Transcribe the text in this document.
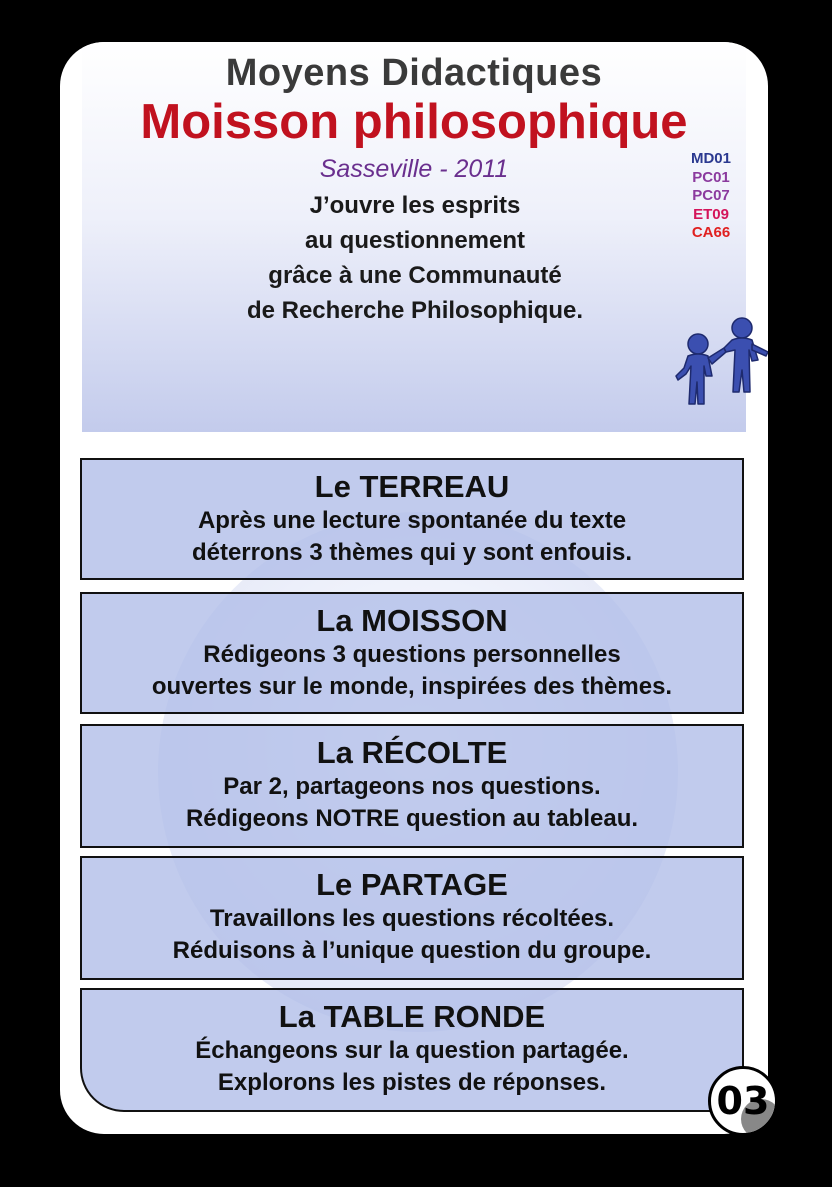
Moyens Didactiques
Moisson philosophique
Sasseville - 2011
J’ouvre les esprits
au questionnement
grâce à une Communauté
de Recherche Philosophique.
MD01
PC01
PC07
ET09
CA66
Le TERREAU
Après une lecture spontanée du texte
déterrons 3 thèmes qui y sont enfouis.
La MOISSON
Rédigeons 3 questions personnelles
ouvertes sur le monde, inspirées des thèmes.
La RÉCOLTE
Par 2, partageons nos questions.
Rédigeons NOTRE question au tableau.
Le PARTAGE
Travaillons les questions récoltées.
Réduisons à l’unique question du groupe.
La TABLE RONDE
Échangeons sur la question partagée.
Explorons les pistes de réponses.	03
